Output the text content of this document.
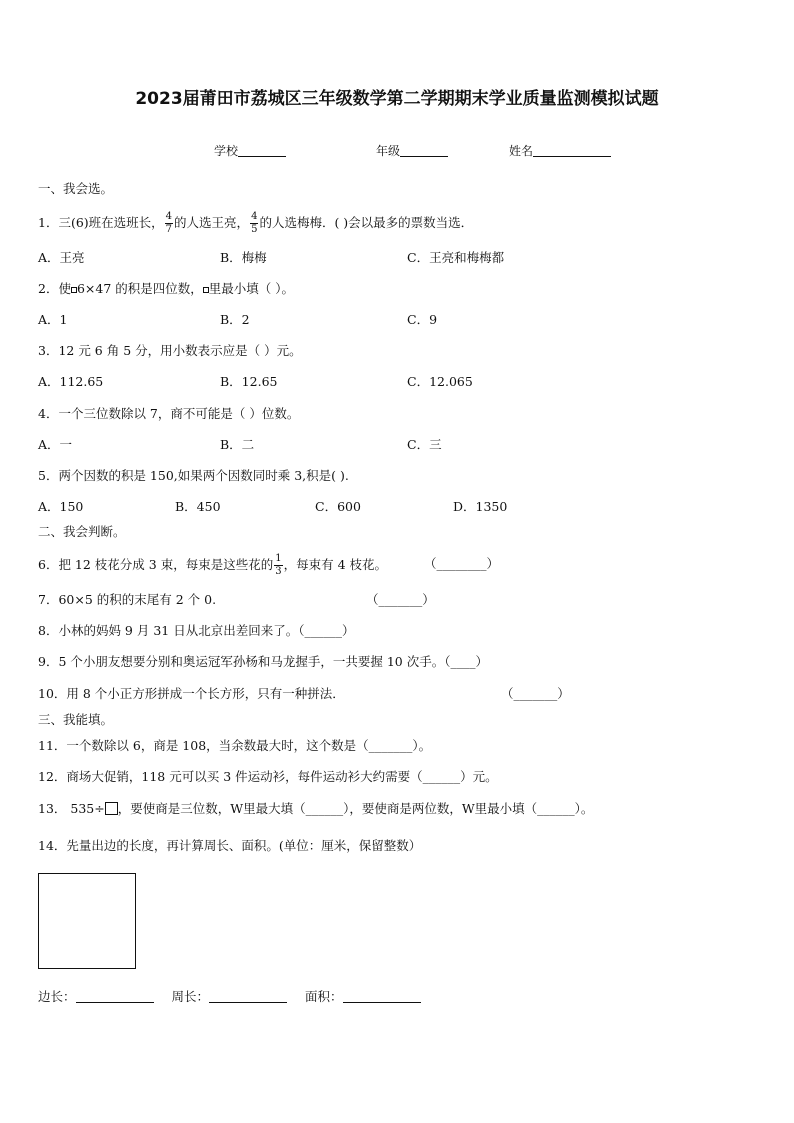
2023届莆田市荔城区三年级数学第二学期期末学业质量监测模拟试题
学校	年级	姓名
一、我会选。
1．三(6)班在选班长， $\frac{4}{7}$ 的人选王亮， $\frac{4}{5}$ 的人选梅梅．( )会以最多的票数当选．
A．王亮	B．梅梅	C．王亮和梅梅都
2．使 6×47 的积是四位数， 里最小填（ ）。
A．1	B．2	C．9
3．12 元 6 角 5 分，用小数表示应是（ ）元。
A．112.65	B．12.65	C．12.065
4．一个三位数除以 7，商不可能是（ ）位数。
A．一	B．二	C．三
5．两个因数的积是 150,如果两个因数同时乘 3,积是( ).
A．150	B．450	C．600	D．1350
二、我会判断。
6．把 12 枝花分成 3 束，每束是这些花的 $\frac{1}{3}$ ，每束有 4 枝花。	（________）
7．60×5 的积的末尾有 2 个 0.	（_______）
8．小林的妈妈 9 月 31 日从北京出差回来了。（______）
9．5 个小朋友想要分别和奥运冠军孙杨和马龙握手，一共要握 10 次手。（____）
10．用 8 个小正方形拼成一个长方形，只有一种拼法．	（_______）
三、我能填。
11．一个数除以 6，商是 108，当余数最大时，这个数是（_______）。
12．商场大促销，118 元可以买 3 件运动衫，每件运动衫大约需要（______）元。
13． 535÷ ，要使商是三位数，W里最大填（______），要使商是两位数，W里最小填（______）。
14．先量出边的长度，再计算周长、面积。(单位：厘米，保留整数）
边长：	周长：	面积：
